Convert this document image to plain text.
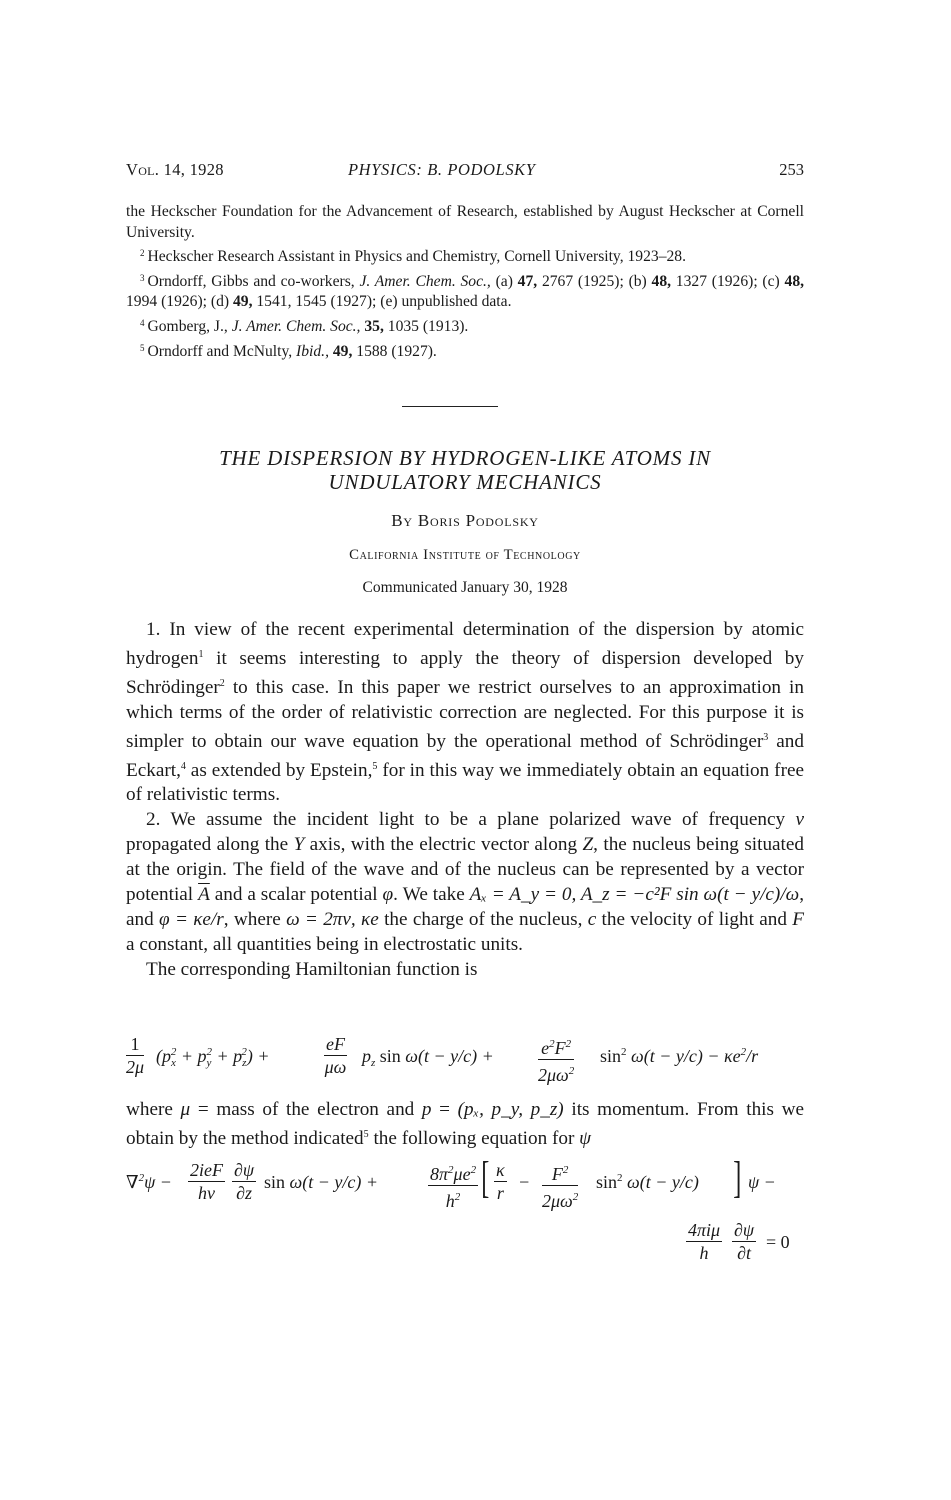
Vol. 14, 1928	PHYSICS: B. PODOLSKY	253

the Heckscher Foundation for the Advancement of Research, established by August Heckscher at Cornell University.

$^2$ Heckscher Research Assistant in Physics and Chemistry, Cornell University, 1923–28.

$^3$ Orndorff, Gibbs and co-workers, J. Amer. Chem. Soc., (a) 47, 2767 (1925); (b) 48, 1327 (1926); (c) 48, 1994 (1926); (d) 49, 1541, 1545 (1927); (e) unpublished data.

$^4$ Gomberg, J., J. Amer. Chem. Soc., 35, 1035 (1913).

$^5$ Orndorff and McNulty, Ibid., 49, 1588 (1927).

THE DISPERSION BY HYDROGEN-LIKE ATOMS IN
UNDULATORY MECHANICS
By Boris Podolsky
California Institute of Technology
Communicated January 30, 1928

1. In view of the recent experimental determination of the dispersion by atomic hydrogen$^1$ it seems interesting to apply the theory of dispersion developed by Schrödinger$^2$ to this case. In this paper we restrict ourselves to an approximation in which terms of the order of relativistic correction are neglected. For this purpose it is simpler to obtain our wave equation by the operational method of Schrödinger$^3$ and Eckart,$^4$ as extended by Epstein,$^5$ for in this way we immediately obtain an equation free of relativistic terms.

2. We assume the incident light to be a plane polarized wave of frequency ν propagated along the Y axis, with the electric vector along Z, the nucleus being situated at the origin. The field of the wave and of the nucleus can be represented by a vector potential $\overline{A}$ and a scalar potential φ. We take Aₓ = A_y = 0, A_z = −c²F sin ω(t − y/c)/ω, and φ = κe/r, where ω = 2πν, κe the charge of the nucleus, c the velocity of light and F a constant, all quantities being in electrostatic units.

The corresponding Hamiltonian function is

$\frac{1}{2\mu} (p_x^2 + p_y^2 + p_z^2)$ +	$\frac{eF}{\mu\omega} p_z$ $\sin \omega(t - y/c) + \frac{e^2F^2}{2\mu\omega^2} \sin^2 \omega(t - y/c) - \kappa e^2/r$

where μ = mass of the electron and p = (pₓ, p_y, p_z) its momentum. From this we obtain by the method indicated$^5$ the following equation for ψ

∇$^2$ψ −
2ieF
hν $\frac{\partial\psi}{\partial z}$ sin ω(t − y/c) +	$\frac{8\pi^2\mu e^2}{h^2}$ [ $\frac{\kappa}{r} - \frac{F^2}{2\mu\omega^2} \sin^2 \omega(t - y/c)$ ] ψ −
4πiμ
h	$\frac{\partial\psi}{\partial t} = 0$
